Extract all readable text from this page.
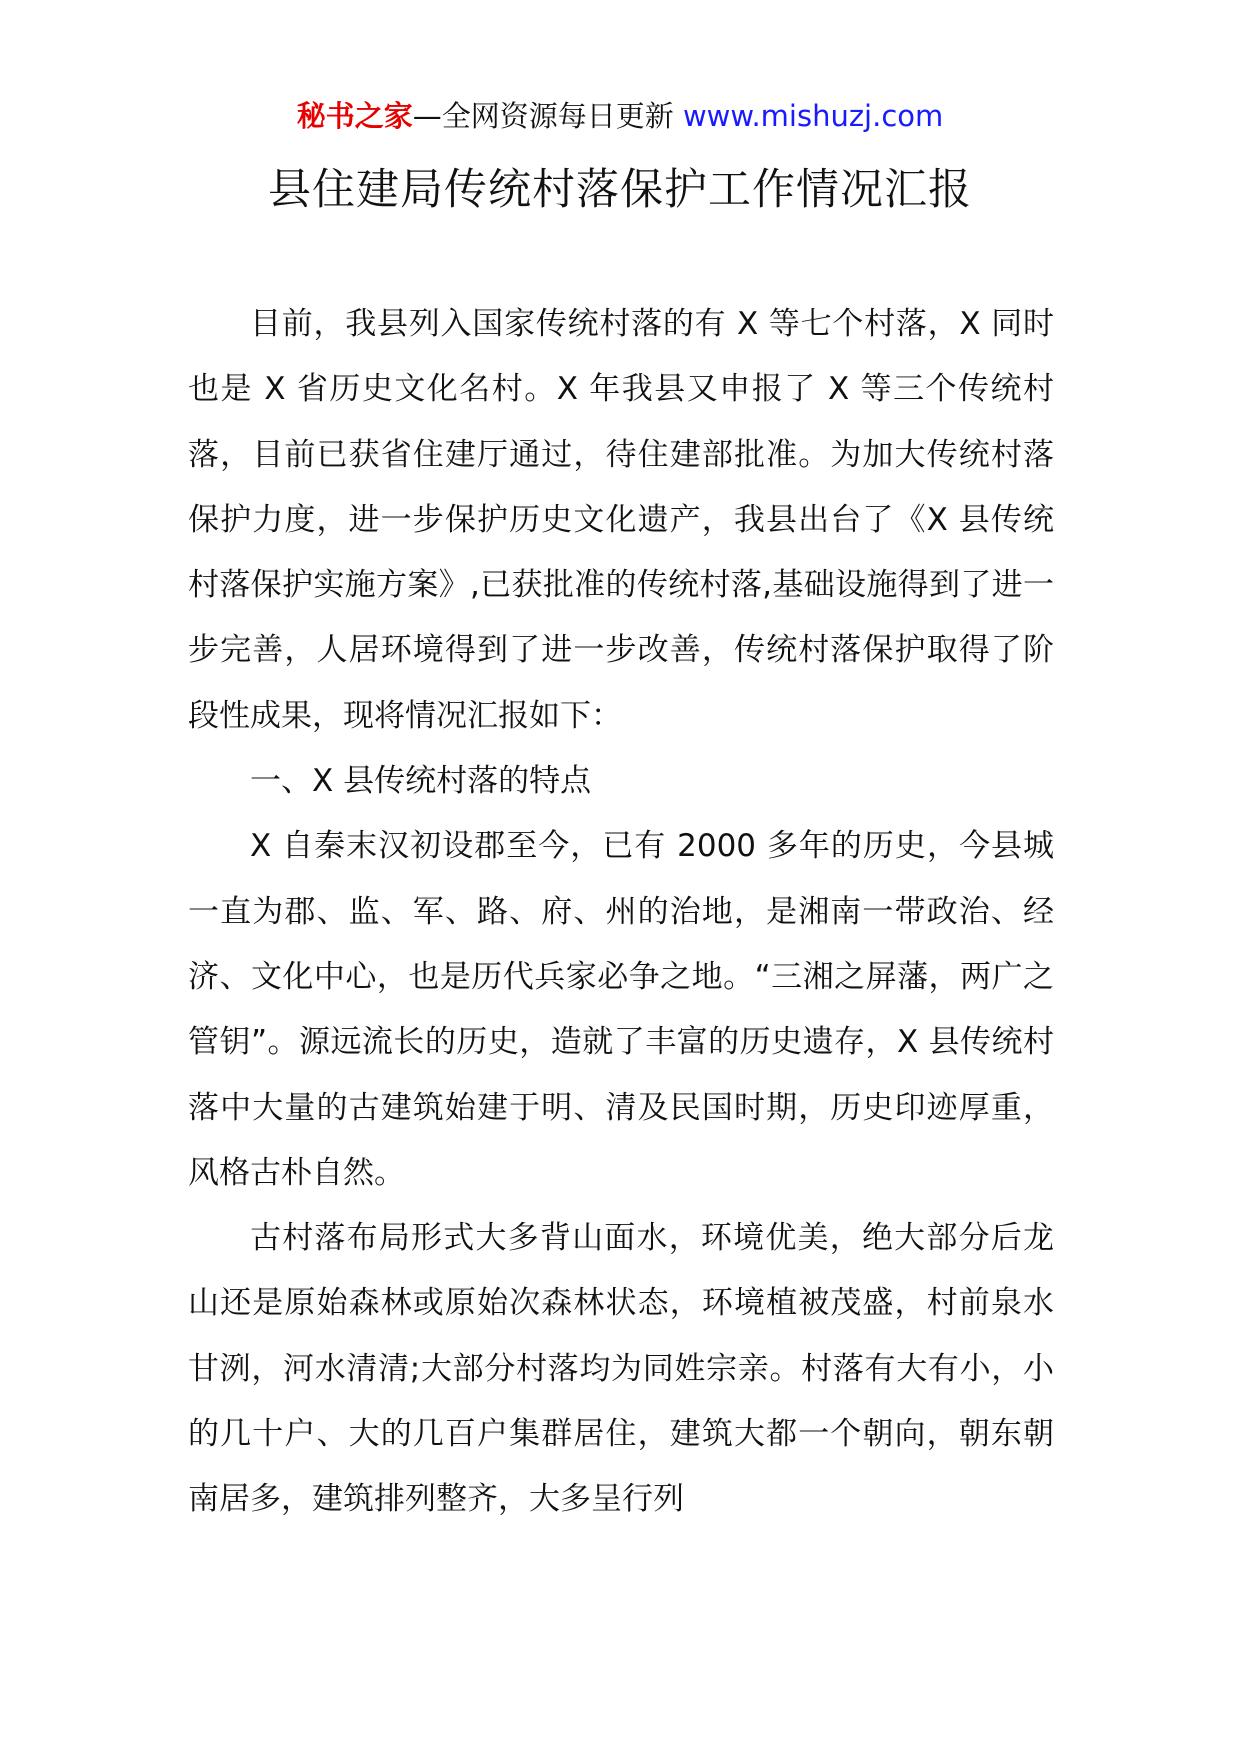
秘书之家—全网资源每日更新 www.mishuzj.com
县住建局传统村落保护工作情况汇报

目前，我县列入国家传统村落的有 X 等七个村落，X 同时也是 X 省历史文化名村。X 年我县又申报了 X 等三个传统村落，目前已获省住建厅通过，待住建部批准。为加大传统村落保护力度，进一步保护历史文化遗产，我县出台了《X 县传统村落保护实施方案》,已获批准的传统村落,基础设施得到了进一步完善，人居环境得到了进一步改善，传统村落保护取得了阶段性成果，现将情况汇报如下：

一、X 县传统村落的特点

X 自秦末汉初设郡至今，已有 2000 多年的历史，今县城一直为郡、监、军、路、府、州的治地，是湘南一带政治、经济、文化中心，也是历代兵家必争之地。“三湘之屏藩，两广之管钥”。源远流长的历史，造就了丰富的历史遗存，X 县传统村落中大量的古建筑始建于明、清及民国时期，历史印迹厚重，风格古朴自然。

古村落布局形式大多背山面水，环境优美，绝大部分后龙山还是原始森林或原始次森林状态，环境植被茂盛，村前泉水甘洌，河水清清;大部分村落均为同姓宗亲。村落有大有小，小的几十户、大的几百户集群居住，建筑大都一个朝向，朝东朝南居多，建筑排列整齐，大多呈行列
